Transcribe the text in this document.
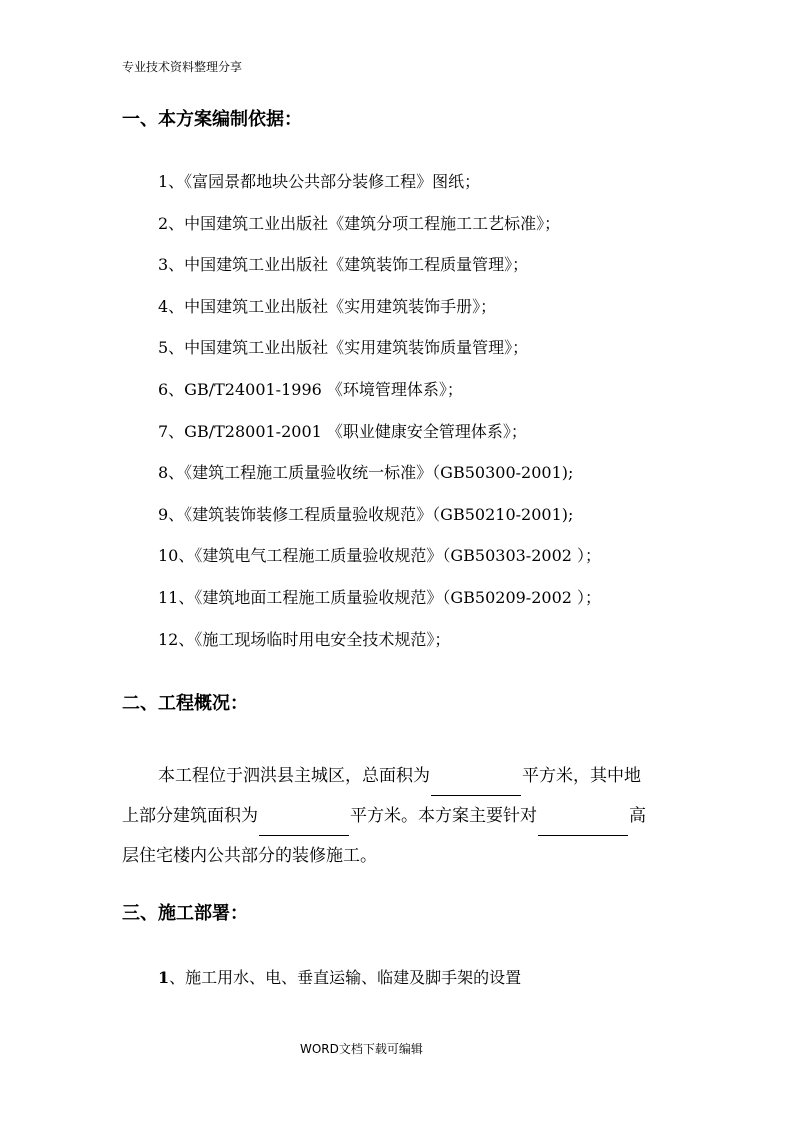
专业技术资料整理分享
一、本方案编制依据：
1、《富园景都地块公共部分装修工程》图纸；
2、中国建筑工业出版社《建筑分项工程施工工艺标准》；
3、中国建筑工业出版社《建筑装饰工程质量管理》；
4、中国建筑工业出版社《实用建筑装饰手册》；
5、中国建筑工业出版社《实用建筑装饰质量管理》；
6、GB/T24001-1996 《环境管理体系》；
7、GB/T28001-2001 《职业健康安全管理体系》；
8、《建筑工程施工质量验收统一标准》（GB50300-2001);
9、《建筑装饰装修工程质量验收规范》（GB50210-2001);
10、《建筑电气工程施工质量验收规范》（GB50303-2002 ）；
11、《建筑地面工程施工质量验收规范》（GB50209-2002 ）；
12、《施工现场临时用电安全技术规范》；
二、工程概况：
本工程位于泗洪县主城区，总面积为	平方米，其中地
上部分建筑面积为	平方米。本方案主要针对	高
层住宅楼内公共部分的装修施工。
三、施工部署：
1、施工用水、电、垂直运输、临建及脚手架的设置
WORD文档下载可编辑
